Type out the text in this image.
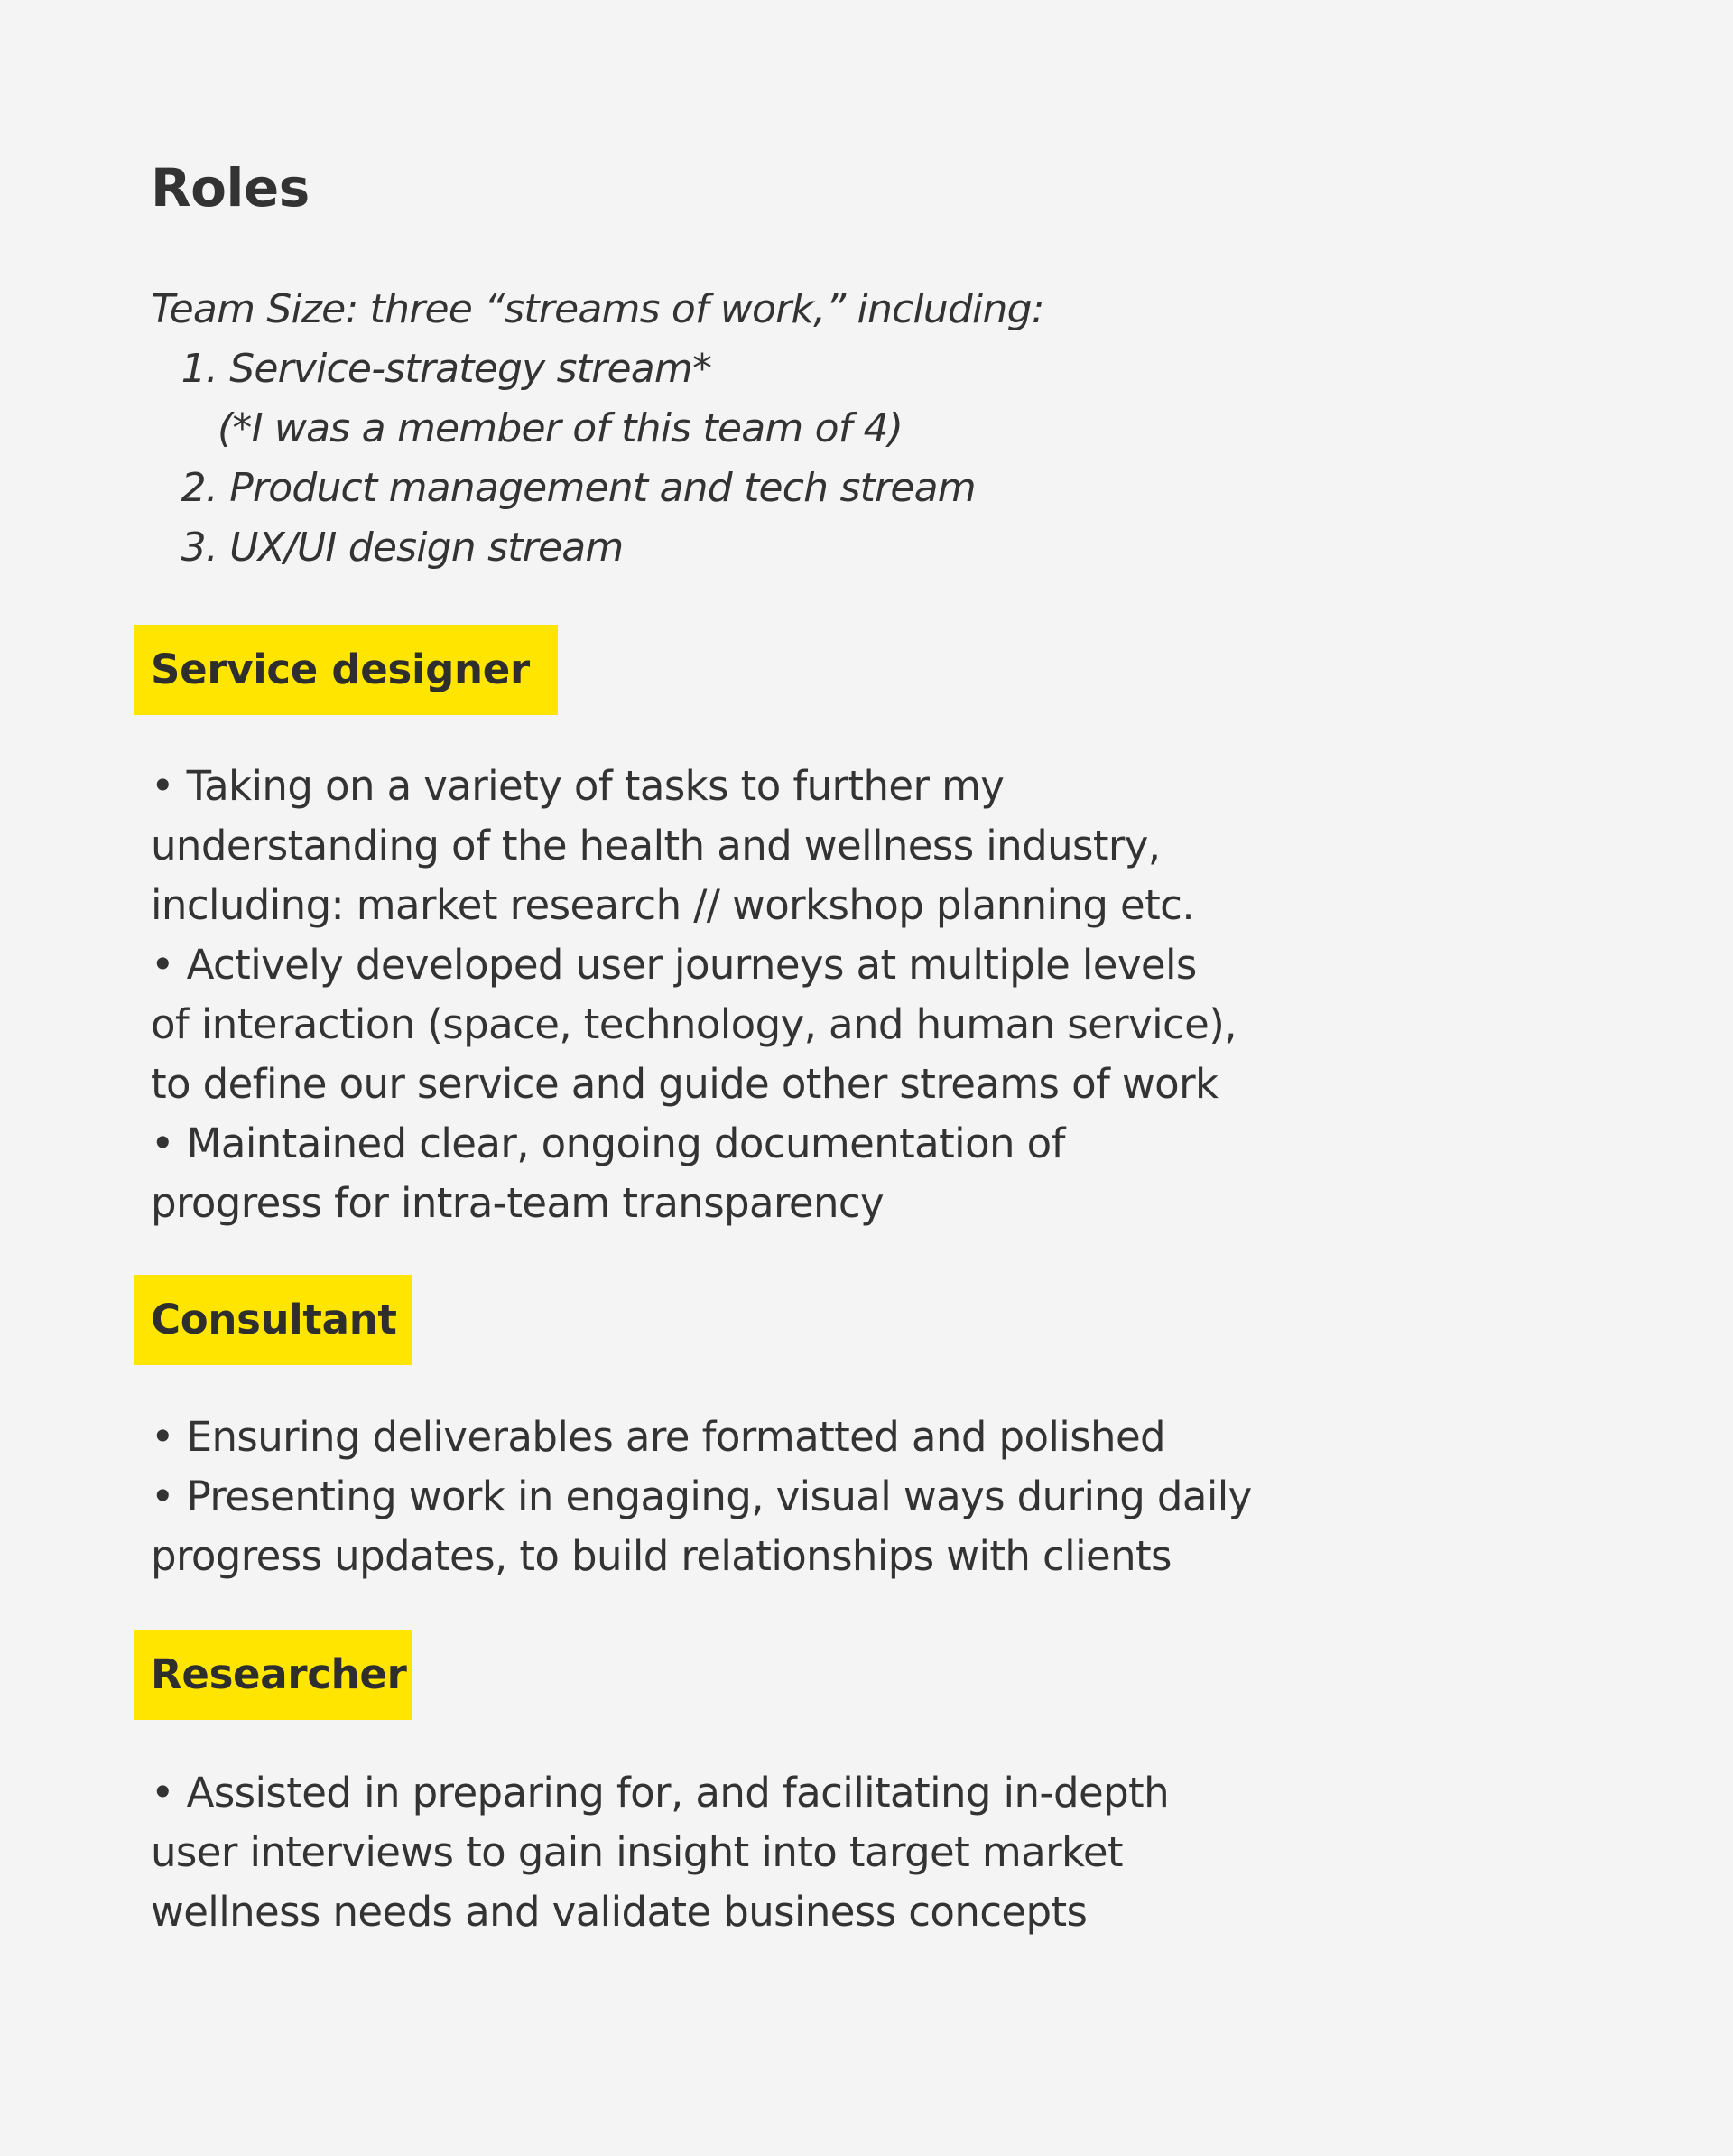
Roles
Team Size: three “streams of work,” including:
1. Service-strategy stream*
(*I was a member of this team of 4)
2. Product management and tech stream
3. UX/UI design stream
Service designer
• Taking on a variety of tasks to further my
understanding of the health and wellness industry,
including: market research // workshop planning etc.
• Actively developed user journeys at multiple levels
of interaction (space, technology, and human service),
to define our service and guide other streams of work
• Maintained clear, ongoing documentation of
progress for intra-team transparency
Consultant
• Ensuring deliverables are formatted and polished
• Presenting work in engaging, visual ways during daily
progress updates, to build relationships with clients
Researcher
• Assisted in preparing for, and facilitating in-depth
user interviews to gain insight into target market
wellness needs and validate business concepts
